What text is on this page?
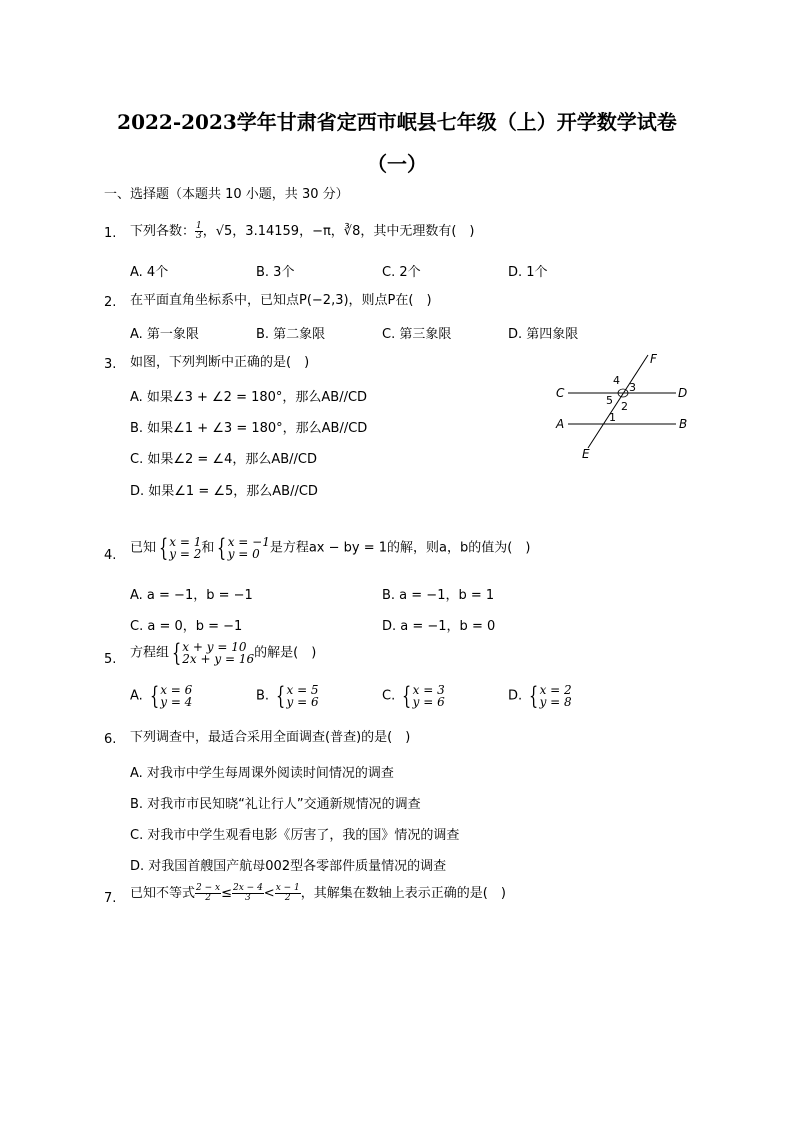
2022-2023学年甘肃省定西市岷县七年级（上）开学数学试卷
（一）
一、选择题（本题共 10 小题，共 30 分）
1. 下列各数： $\frac{1}{3}$ ，√5，3.14159，−π，∛8，其中无理数有(　)
A. 4个	B. 3个	C. 2个	D. 1个
2. 在平面直角坐标系中，已知点P(−2,3)，则点P在(　)
A. 第一象限	B. 第二象限	C. 第三象限	D. 第四象限
3. 如图，下列判断中正确的是(　)
A. 如果∠3 + ∠2 = 180°，那么AB//CD
B. 如果∠1 + ∠3 = 180°，那么AB//CD
C. 如果∠2 = ∠4，那么AB//CD
D. 如果∠1 = ∠5，那么AB//CD
F
C	D
A	B
E
4
3
5 2
1
4. 已知 {x = 1
y = 2和 {x = −1
y = 0 是方程ax − by = 1的解，则a，b的值为(　)
A. a = −1，b = −1	B. a = −1，b = 1
C. a = 0，b = −1	D. a = −1，b = 0
5. 方程组 {x + y = 10
2x + y = 16的解是(　)
A. {x = 6
y = 4	B. {x = 5
y = 6	C. {x = 3
y = 6	D. {x = 2
y = 8
6. 下列调查中，最适合采用全面调查(普查)的是(　)
A. 对我市中学生每周课外阅读时间情况的调查
B. 对我市市民知晓“礼让行人”交通新规情况的调查
C. 对我市中学生观看电影《厉害了，我的国》情况的调查
D. 对我国首艘国产航母002型各零部件质量情况的调查
7. 已知不等式 $\frac{2 - x}{2} \le \frac{2x - 4}{3} < \frac{x - 1}{2}$ ，其解集在数轴上表示正确的是(　)
